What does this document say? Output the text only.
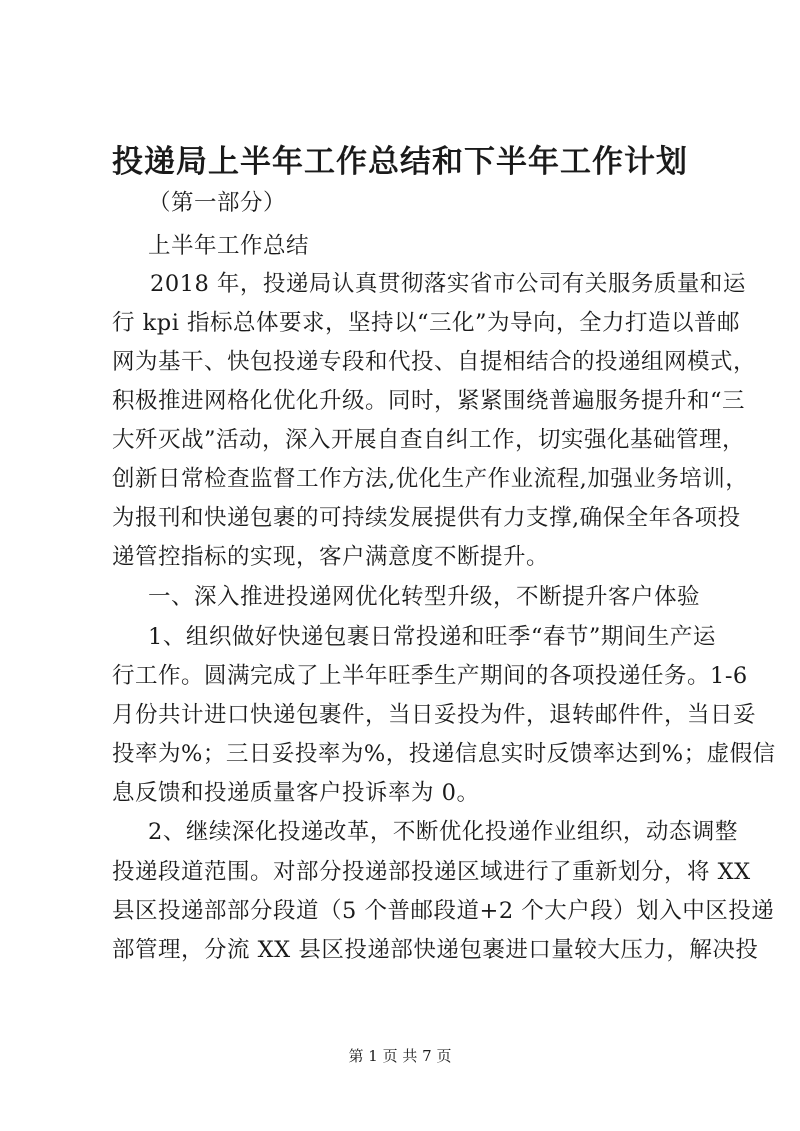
投递局上半年工作总结和下半年工作计划
（第一部分）
上半年工作总结
2018 年，投递局认真贯彻落实省市公司有关服务质量和运
行 kpi 指标总体要求，坚持以“三化”为导向，全力打造以普邮
网为基干、快包投递专段和代投、自提相结合的投递组网模式，
积极推进网格化优化升级。同时，紧紧围绕普遍服务提升和“三
大歼灭战”活动，深入开展自查自纠工作，切实强化基础管理，
创新日常检查监督工作方法,优化生产作业流程,加强业务培训，
为报刊和快递包裹的可持续发展提供有力支撑,确保全年各项投
递管控指标的实现，客户满意度不断提升。
一、深入推进投递网优化转型升级，不断提升客户体验
1、组织做好快递包裹日常投递和旺季“春节”期间生产运
行工作。圆满完成了上半年旺季生产期间的各项投递任务。1-6
月份共计进口快递包裹件，当日妥投为件，退转邮件件，当日妥
投率为%；三日妥投率为%，投递信息实时反馈率达到%；虚假信
息反馈和投递质量客户投诉率为 0。
2、继续深化投递改革，不断优化投递作业组织，动态调整
投递段道范围。对部分投递部投递区域进行了重新划分，将 XX
县区投递部部分段道（5 个普邮段道+2 个大户段）划入中区投递
部管理，分流 XX 县区投递部快递包裹进口量较大压力，解决投
第 1 页 共 7 页
